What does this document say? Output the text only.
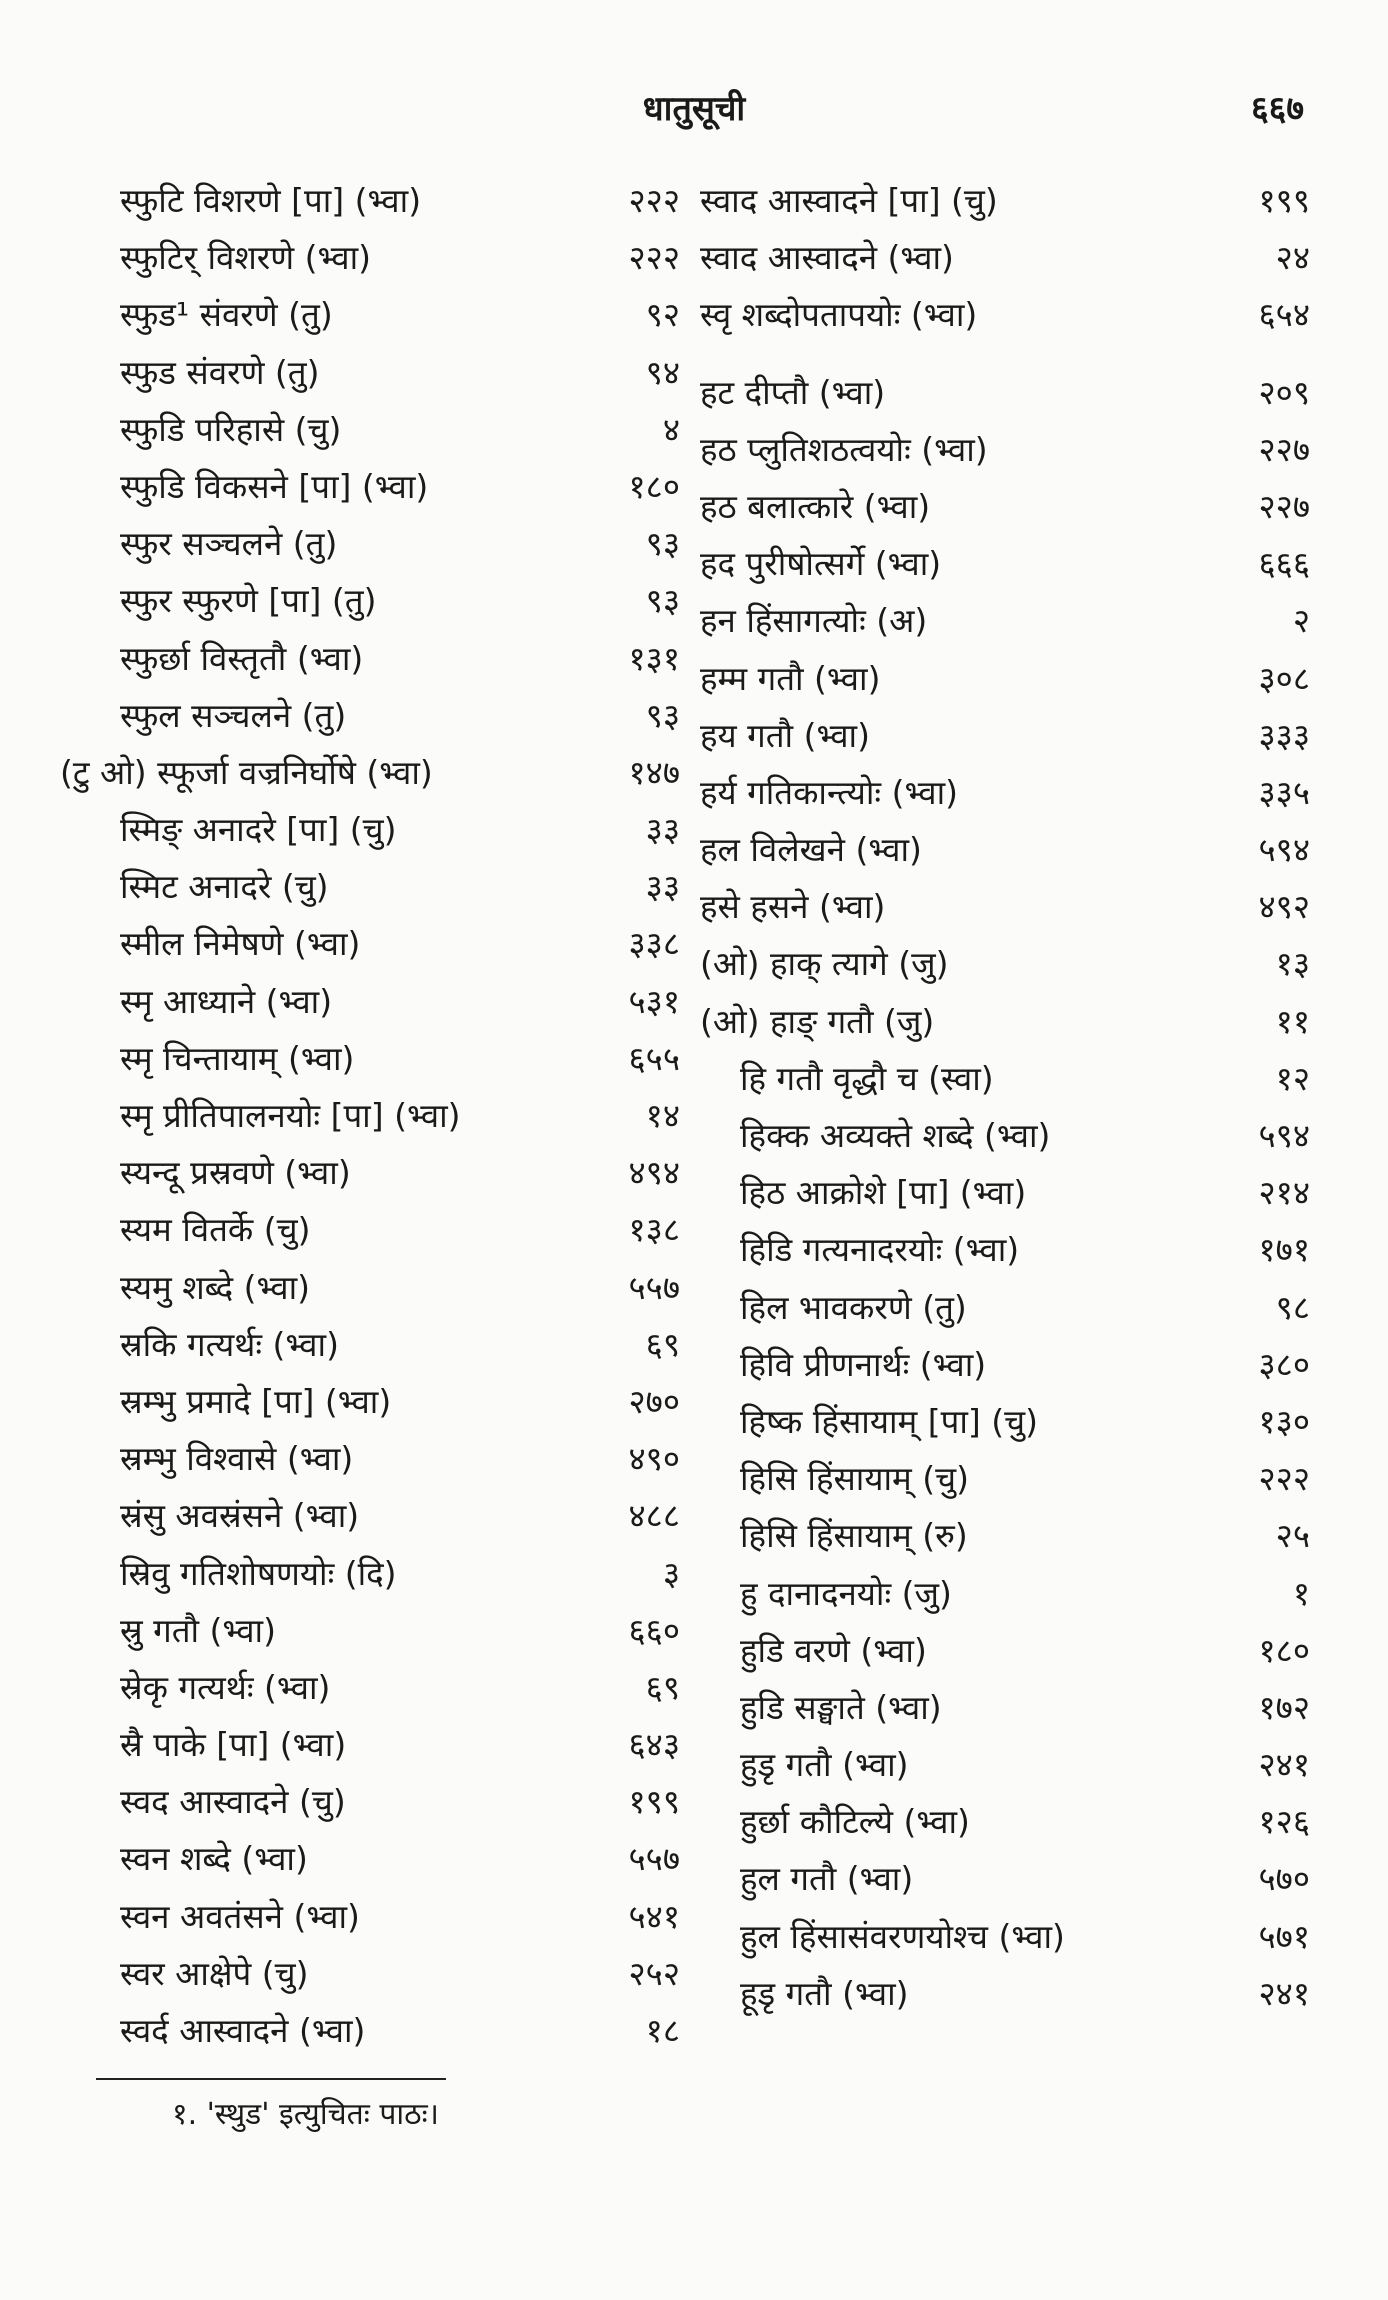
धातुसूची	६६७
स्फुटि विशरणे [पा] (भ्वा)	२२२
स्फुटिर् विशरणे (भ्वा)	२२२
स्फुड¹ संवरणे (तु)	९२
स्फुड संवरणे (तु)	९४
स्फुडि परिहासे (चु)	४
स्फुडि विकसने [पा] (भ्वा)	१८०
स्फुर सञ्चलने (तु)	९३
स्फुर स्फुरणे [पा] (तु)	९३
स्फुर्छा विस्तृतौ (भ्वा)	१३१
स्फुल सञ्चलने (तु)	९३
(टु ओ) स्फूर्जा वज्रनिर्घोषे (भ्वा)	१४७
स्मिङ् अनादरे [पा] (चु)	३३
स्मिट अनादरे (चु)	३३
स्मील निमेषणे (भ्वा)	३३८
स्मृ आध्याने (भ्वा)	५३१
स्मृ चिन्तायाम् (भ्वा)	६५५
स्मृ प्रीतिपालनयोः [पा] (भ्वा)	१४
स्यन्दू प्रस्रवणे (भ्वा)	४९४
स्यम वितर्के (चु)	१३८
स्यमु शब्दे (भ्वा)	५५७
स्रकि गत्यर्थः (भ्वा)	६९
स्रम्भु प्रमादे [पा] (भ्वा)	२७०
स्रम्भु विश्वासे (भ्वा)	४९०
स्रंसु अवस्रंसने (भ्वा)	४८८
स्रिवु गतिशोषणयोः (दि)	३
स्रु गतौ (भ्वा)	६६०
स्रेकृ गत्यर्थः (भ्वा)	६९
स्रै पाके [पा] (भ्वा)	६४३
स्वद आस्वादने (चु)	१९९
स्वन शब्दे (भ्वा)	५५७
स्वन अवतंसने (भ्वा)	५४१
स्वर आक्षेपे (चु)	२५२
स्वर्द आस्वादने (भ्वा)	१८
स्वाद आस्वादने [पा] (चु)	१९९
स्वाद आस्वादने (भ्वा)	२४
स्वृ शब्दोपतापयोः (भ्वा)	६५४
हट दीप्तौ (भ्वा)	२०९
हठ प्लुतिशठत्वयोः (भ्वा)	२२७
हठ बलात्कारे (भ्वा)	२२७
हद पुरीषोत्सर्गे (भ्वा)	६६६
हन हिंसागत्योः (अ)	२
हम्म गतौ (भ्वा)	३०८
हय गतौ (भ्वा)	३३३
हर्य गतिकान्त्योः (भ्वा)	३३५
हल विलेखने (भ्वा)	५९४
हसे हसने (भ्वा)	४९२
(ओ) हाक् त्यागे (जु)	१३
(ओ) हाङ् गतौ (जु)	११
हि गतौ वृद्धौ च (स्वा)	१२
हिक्क अव्यक्ते शब्दे (भ्वा)	५९४
हिठ आक्रोशे [पा] (भ्वा)	२१४
हिडि गत्यनादरयोः (भ्वा)	१७१
हिल भावकरणे (तु)	९८
हिवि प्रीणनार्थः (भ्वा)	३८०
हिष्क हिंसायाम् [पा] (चु)	१३०
हिसि हिंसायाम् (चु)	२२२
हिसि हिंसायाम् (रु)	२५
हु दानादनयोः (जु)	१
हुडि वरणे (भ्वा)	१८०
हुडि सङ्घाते (भ्वा)	१७२
हुडृ गतौ (भ्वा)	२४१
हुर्छा कौटिल्ये (भ्वा)	१२६
हुल गतौ (भ्वा)	५७०
हुल हिंसासंवरणयोश्च (भ्वा)	५७१
हूडृ गतौ (भ्वा)	२४१
१. 'स्थुड' इत्युचितः पाठः।
